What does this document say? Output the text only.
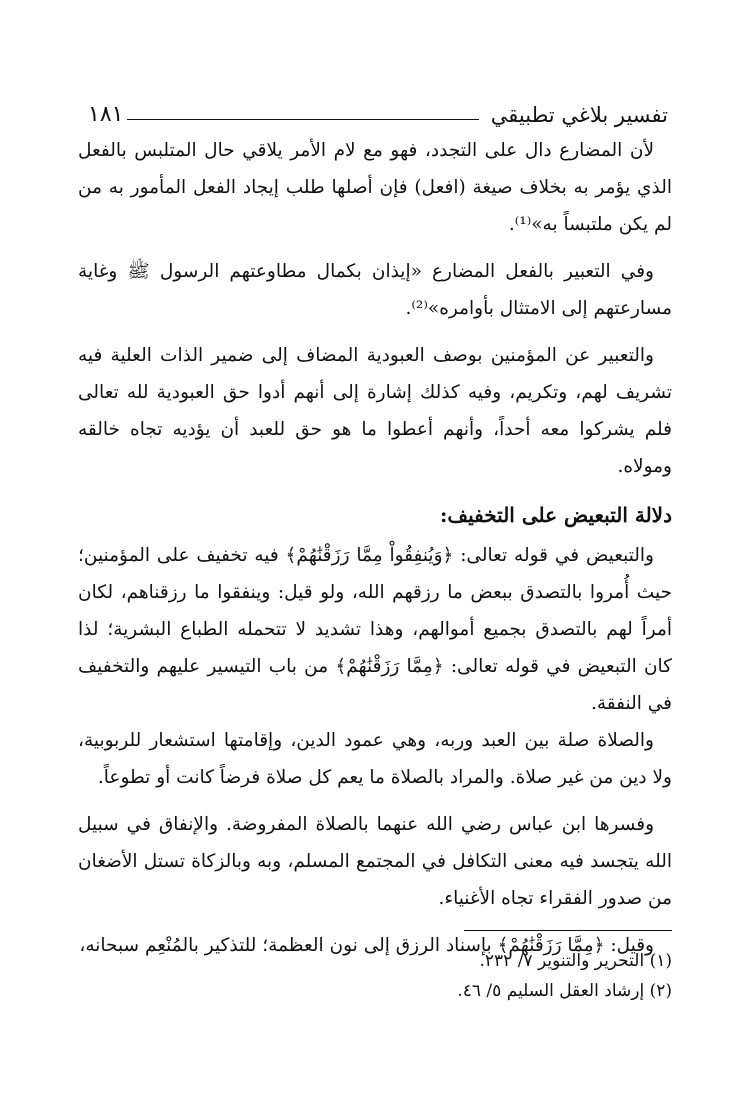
تفسير بلاغي تطبيقي
١٨١

لأن المضارع دال على التجدد، فهو مع لام الأمر يلاقي حال المتلبس بالفعل الذي يؤمر به بخلاف صيغة (افعل) فإن أصلها طلب إيجاد الفعل المأمور به من لم يكن ملتبساً به»⁽¹⁾.

وفي التعبير بالفعل المضارع «إيذان بكمال مطاوعتهم الرسول ﷺ وغاية مسارعتهم إلى الامتثال بأوامره»⁽²⁾.

والتعبير عن المؤمنين بوصف العبودية المضاف إلى ضمير الذات العلية فيه تشريف لهم، وتكريم، وفيه كذلك إشارة إلى أنهم أدوا حق العبودية لله تعالى فلم يشركوا معه أحداً، وأنهم أعطوا ما هو حق للعبد أن يؤديه تجاه خالقه ومولاه.

دلالة التبعيض على التخفيف:

والتبعيض في قوله تعالى: ﴿وَيُنفِقُواْ مِمَّا رَزَقْنَٰهُمْ﴾ فيه تخفيف على المؤمنين؛ حيث أُمروا بالتصدق ببعض ما رزقهم الله، ولو قيل: وينفقوا ما رزقناهم، لكان أمراً لهم بالتصدق بجميع أموالهم، وهذا تشديد لا تتحمله الطباع البشرية؛ لذا كان التبعيض في قوله تعالى: ﴿مِمَّا رَزَقْنَٰهُمْ﴾ من باب التيسير عليهم والتخفيف في النفقة.

والصلاة صلة بين العبد وربه، وهي عمود الدين، وإقامتها استشعار للربوبية، ولا دين من غير صلاة. والمراد بالصلاة ما يعم كل صلاة فرضاً كانت أو تطوعاً.

وفسرها ابن عباس رضي الله عنهما بالصلاة المفروضة. والإنفاق في سبيل الله يتجسد فيه معنى التكافل في المجتمع المسلم، وبه وبالزكاة تستل الأضغان من صدور الفقراء تجاه الأغنياء.

وقيل: ﴿مِمَّا رَزَقْنَٰهُمْ﴾ بإسناد الرزق إلى نون العظمة؛ للتذكير بالمُنْعِم سبحانه،

(١) التحرير والتنوير ٧/ ٢٣٢.
(٢) إرشاد العقل السليم ٥/ ٤٦.
